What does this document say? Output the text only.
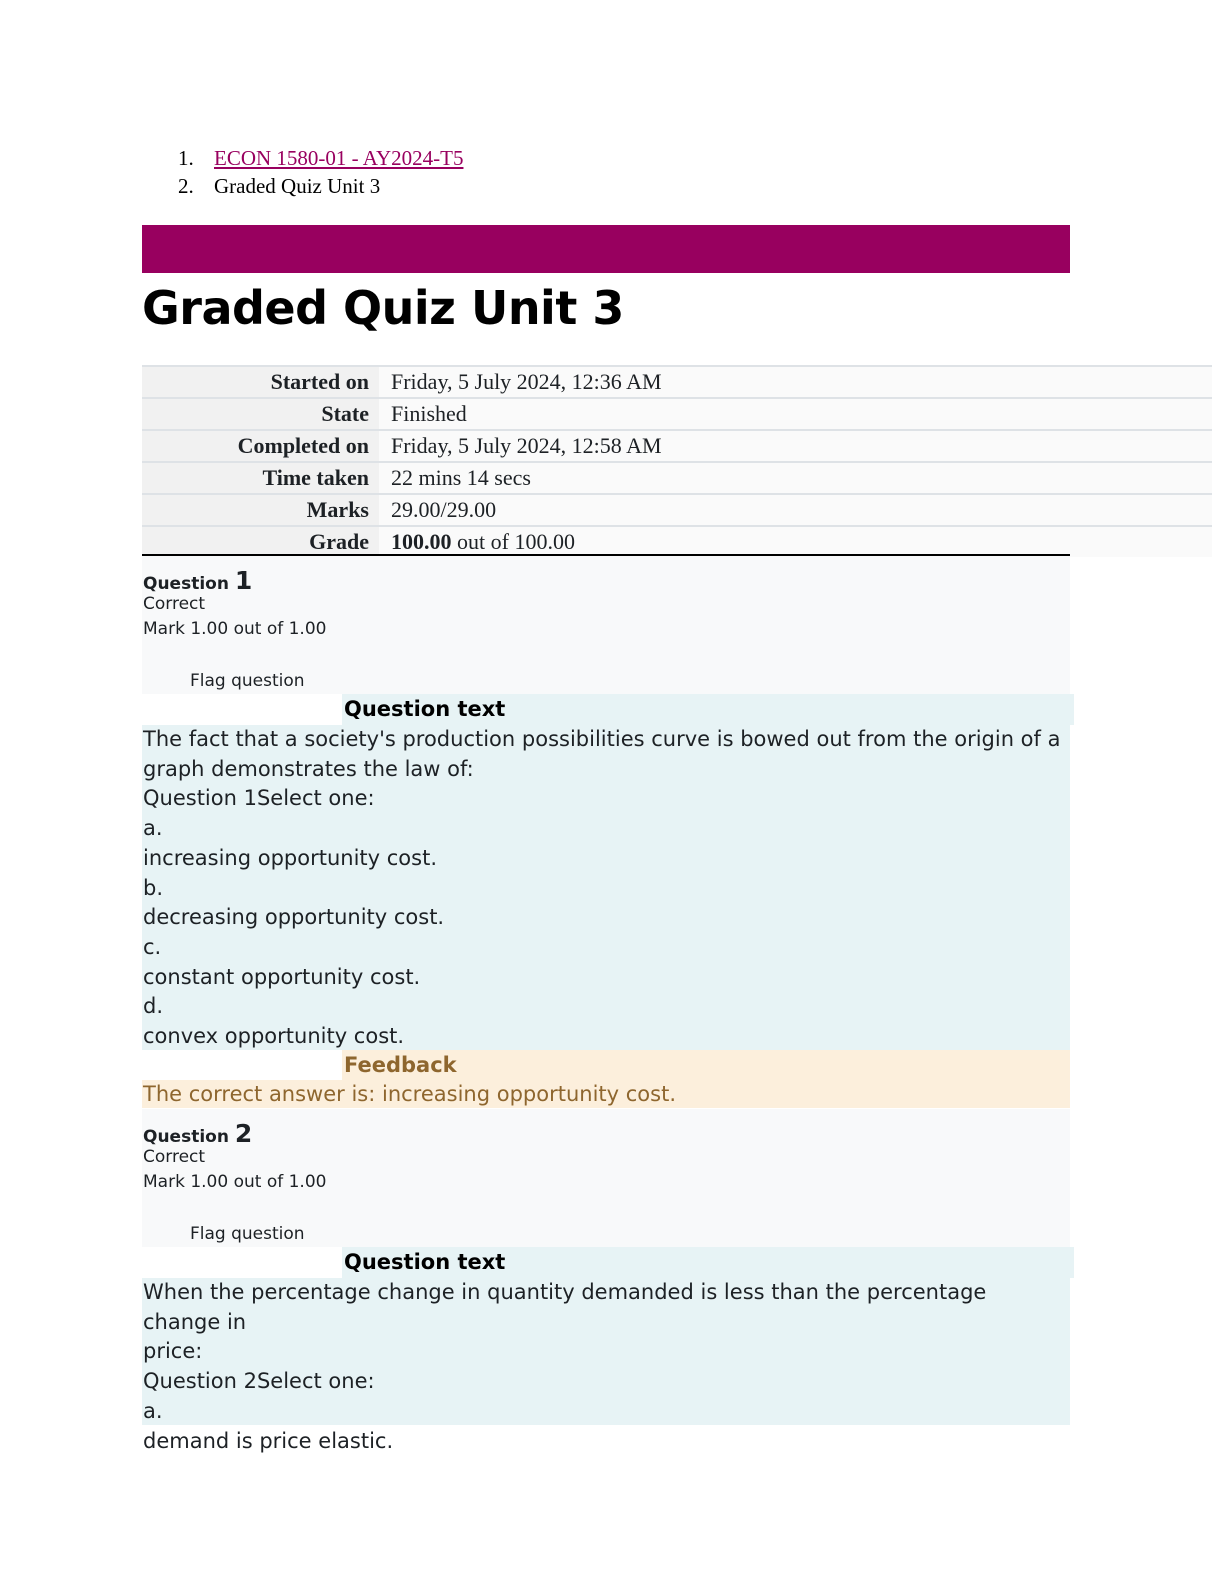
1. ECON 1580-01 - AY2024-T5
2. Graded Quiz Unit 3
Graded Quiz Unit 3
Started on	Friday, 5 July 2024, 12:36 AM
State	Finished
Completed on	Friday, 5 July 2024, 12:58 AM
Time taken	22 mins 14 secs
Marks	29.00/29.00
Grade	100.00 out of 100.00
Question 1
Correct
Mark 1.00 out of 1.00
Flag question
Question text
The fact that a society's production possibilities curve is bowed out from the origin of a
graph demonstrates the law of:
Question 1Select one:
a.
increasing opportunity cost.
b.
decreasing opportunity cost.
c.
constant opportunity cost.
d.
convex opportunity cost.
Feedback
The correct answer is: increasing opportunity cost.
Question 2
Correct
Mark 1.00 out of 1.00
Flag question
Question text
When the percentage change in quantity demanded is less than the percentage change in
price:
Question 2Select one:
a.
demand is price elastic.
